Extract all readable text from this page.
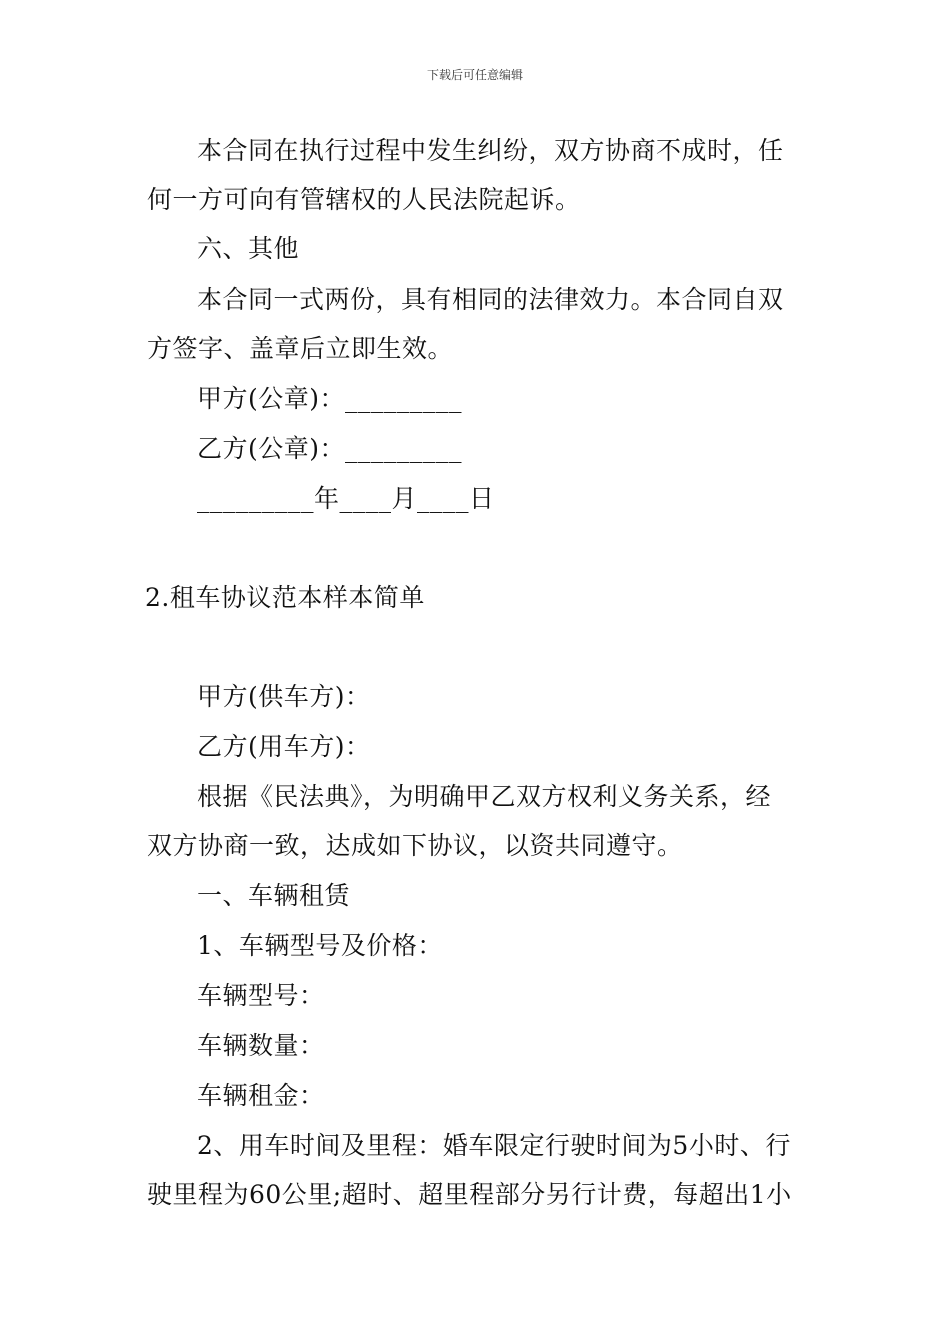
下载后可任意编辑
本合同在执行过程中发生纠纷，双方协商不成时，任
何一方可向有管辖权的人民法院起诉。
六、其他
本合同一式两份，具有相同的法律效力。本合同自双
方签字、盖章后立即生效。
甲方(公章)：_________
乙方(公章)：_________
_________年____月____日
2.租车协议范本样本简单
甲方(供车方)：
乙方(用车方)：
根据《民法典》，为明确甲乙双方权利义务关系，经
双方协商一致，达成如下协议，以资共同遵守。
一、车辆租赁
1、车辆型号及价格：
车辆型号：
车辆数量：
车辆租金：
2、用车时间及里程：婚车限定行驶时间为5小时、行
驶里程为60公里;超时、超里程部分另行计费，每超出1小
